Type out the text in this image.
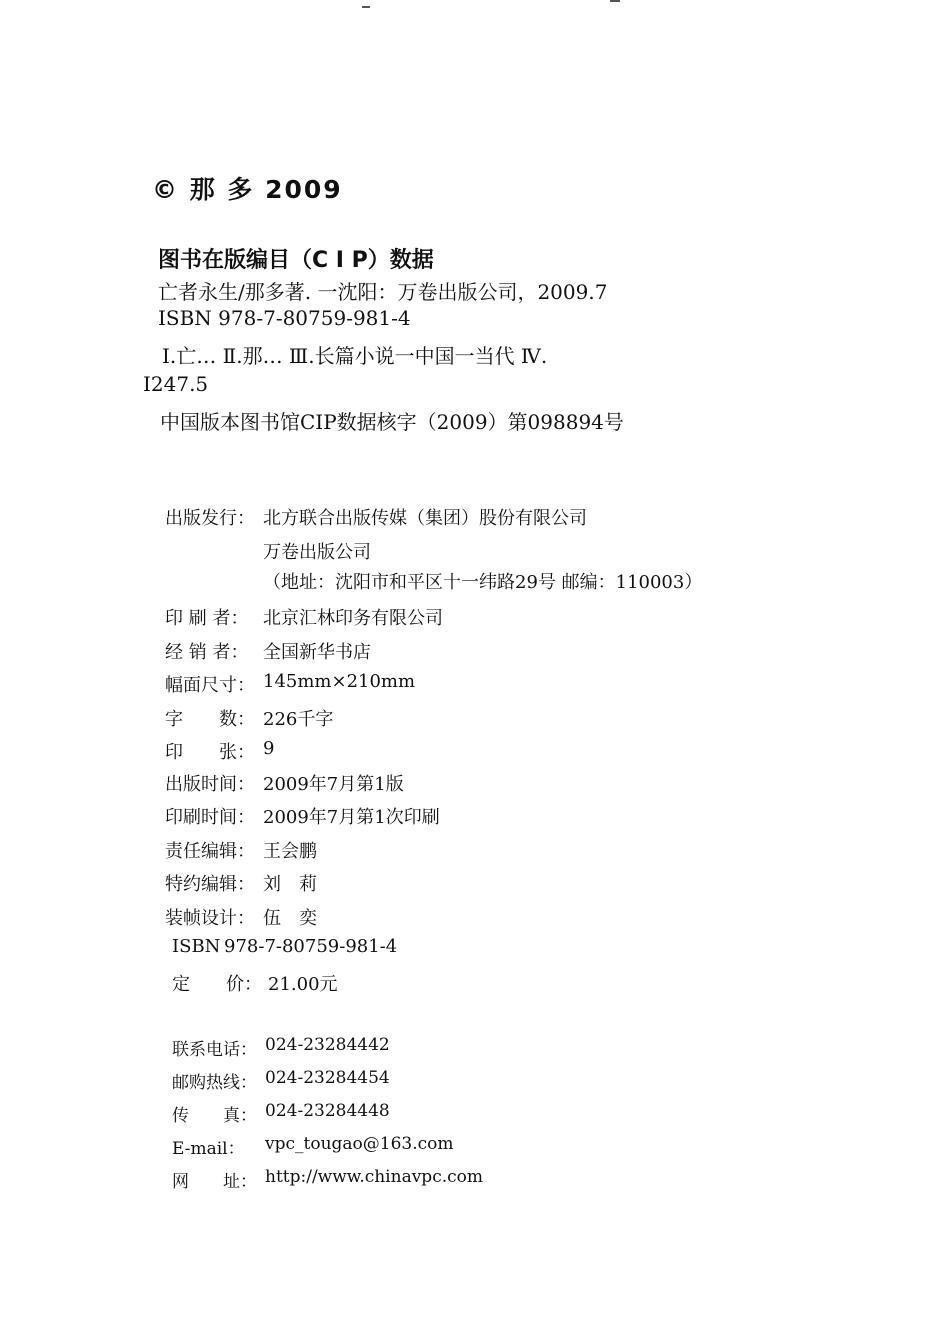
© 那 多 2009
图书在版编目（C I P）数据
亡者永生/那多著. 一沈阳：万卷出版公司，2009.7
ISBN 978-7-80759-981-4
Ⅰ.亡… Ⅱ.那… Ⅲ.长篇小说一中国一当代 Ⅳ.
I247.5
中国版本图书馆CIP数据核字（2009）第098894号
出版发行： 北方联合出版传媒（集团）股份有限公司
万卷出版公司
（地址：沈阳市和平区十一纬路29号 邮编：110003）
印 刷 者： 北京汇林印务有限公司
经 销 者： 全国新华书店
幅面尺寸： 145mm×210mm
字　　数： 226千字
印　　张： 9
出版时间： 2009年7月第1版
印刷时间： 2009年7月第1次印刷
责任编辑： 王会鹏
特约编辑： 刘　莉
装帧设计： 伍　奕
ISBN 978-7-80759-981-4
定　　价： 21.00元
联系电话： 024-23284442
邮购热线： 024-23284454
传　　真： 024-23284448
E-mail：	vpc_tougao@163.com
网　　址： http://www.chinavpc.com
